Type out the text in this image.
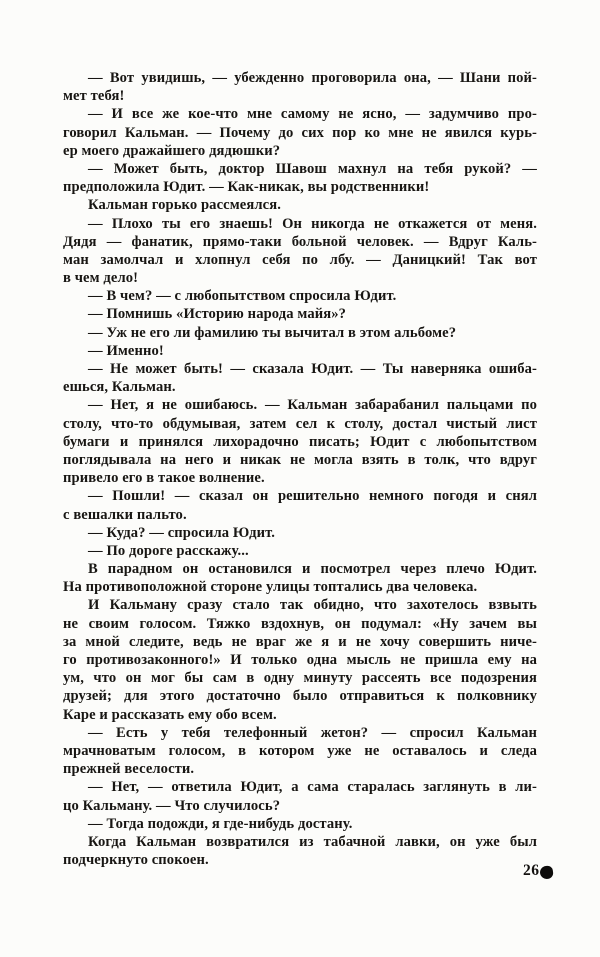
— Вот увидишь, — убежденно проговорила она, — Шани пой-
мет тебя!
— И все же кое-что мне самому не ясно, — задумчиво про-
говорил Кальман. — Почему до сих пор ко мне не явился курь-
ер моего дражайшего дядюшки?
— Может быть, доктор Шавош махнул на тебя рукой? —
предположила Юдит. — Как-никак, вы родственники!
Кальман горько рассмеялся.
— Плохо ты его знаешь! Он никогда не откажется от меня.
Дядя — фанатик, прямо-таки больной человек. — Вдруг Каль-
ман замолчал и хлопнул себя по лбу. — Даницкий! Так вот
в чем дело!
— В чем? — с любопытством спросила Юдит.
— Помнишь «Историю народа майя»?
— Уж не его ли фамилию ты вычитал в этом альбоме?
— Именно!
— Не может быть! — сказала Юдит. — Ты наверняка ошиба-
ешься, Кальман.
— Нет, я не ошибаюсь. — Кальман забарабанил пальцами по
столу, что-то обдумывая, затем сел к столу, достал чистый лист
бумаги и принялся лихорадочно писать; Юдит с любопытством
поглядывала на него и никак не могла взять в толк, что вдруг
привело его в такое волнение.
— Пошли! — сказал он решительно немного погодя и снял
с вешалки пальто.
— Куда? — спросила Юдит.
— По дороге расскажу...
В парадном он остановился и посмотрел через плечо Юдит.
На противоположной стороне улицы топтались два человека.
И Кальману сразу стало так обидно, что захотелось взвыть
не своим голосом. Тяжко вздохнув, он подумал: «Ну зачем вы
за мной следите, ведь не враг же я и не хочу совершить ниче-
го противозаконного!» И только одна мысль не пришла ему на
ум, что он мог бы сам в одну минуту рассеять все подозрения
друзей; для этого достаточно было отправиться к полковнику
Каре и рассказать ему обо всем.
— Есть у тебя телефонный жетон? — спросил Кальман
мрачноватым голосом, в котором уже не оставалось и следа
прежней веселости.
— Нет, — ответила Юдит, а сама старалась заглянуть в ли-
цо Кальману. — Что случилось?
— Тогда подожди, я где-нибудь достану.
Когда Кальман возвратился из табачной лавки, он уже был
подчеркнуто спокоен.
26
